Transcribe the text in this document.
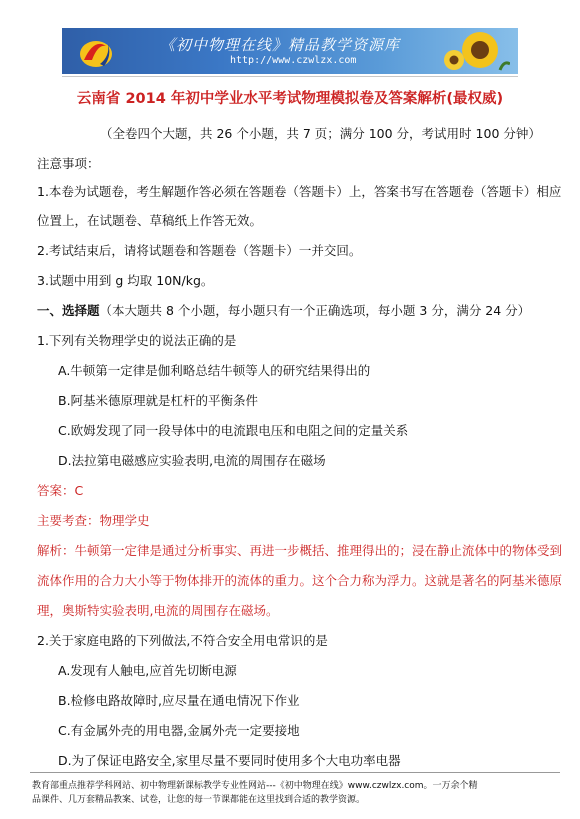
《初中物理在线》精品教学资源库
http://www.czwlzx.com
云南省 2014 年初中学业水平考试物理模拟卷及答案解析(最权威)
（全卷四个大题，共 26 个小题，共 7 页；满分 100 分，考试用时 100 分钟）
注意事项：
1.本卷为试题卷，考生解题作答必须在答题卷（答题卡）上，答案书写在答题卷（答题卡）相应
位置上，在试题卷、草稿纸上作答无效。
2.考试结束后，请将试题卷和答题卷（答题卡）一并交回。
3.试题中用到 g 均取 10N/kg。
一、选择题（本大题共 8 个小题，每小题只有一个正确选项，每小题 3 分，满分 24 分）
1.下列有关物理学史的说法正确的是
A.牛顿第一定律是伽利略总结牛顿等人的研究结果得出的
B.阿基米德原理就是杠杆的平衡条件
C.欧姆发现了同一段导体中的电流跟电压和电阻之间的定量关系
D.法拉第电磁感应实验表明,电流的周围存在磁场
答案：C
主要考查：物理学史
解析：牛顿第一定律是通过分析事实、再进一步概括、推理得出的；浸在静止流体中的物体受到
流体作用的合力大小等于物体排开的流体的重力。这个合力称为浮力。这就是著名的阿基米德原
理，奥斯特实验表明,电流的周围存在磁场。
2.关于家庭电路的下列做法,不符合安全用电常识的是
A.发现有人触电,应首先切断电源
B.检修电路故障时,应尽量在通电情况下作业
C.有金属外壳的用电器,金属外壳一定要接地
D.为了保证电路安全,家里尽量不要同时使用多个大电功率电器
教育部重点推荐学科网站、初中物理新课标教学专业性网站---《初中物理在线》www.czwlzx.com。一万余个精
品课件、几万套精品教案、试卷，让您的每一节课都能在这里找到合适的教学资源。
